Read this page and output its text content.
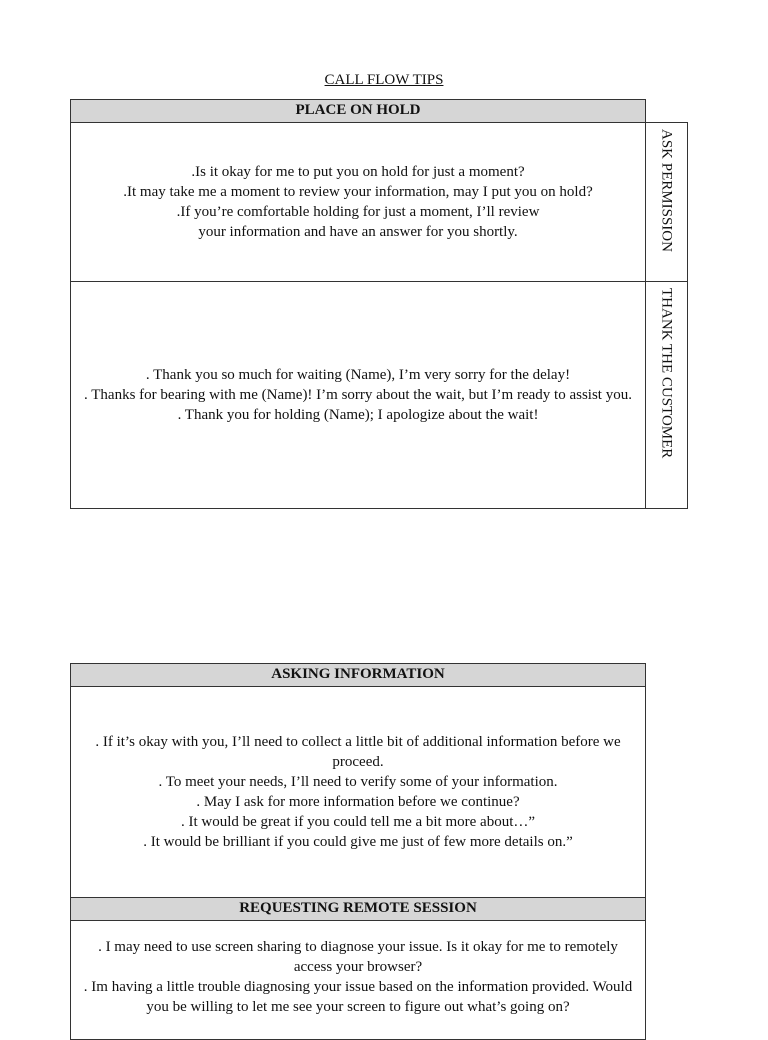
CALL FLOW TIPS
PLACE ON HOLD

.Is it okay for me to put you on hold for just a moment?

.It may take me a moment to review your information, may I put you on hold?

.If you’re comfortable holding for just a moment, I’ll review

your information and have an answer for you shortly.	ASK PERMISSION

. Thank you so much for waiting (Name), I’m very sorry for the delay!

. Thanks for bearing with me (Name)! I’m sorry about the wait, but I’m ready to assist you.

. Thank you for holding (Name); I apologize about the wait!	THANK THE CUSTOMER
ASKING INFORMATION

. If it’s okay with you, I’ll need to collect a little bit of additional information before we proceed.

. To meet your needs, I’ll need to verify some of your information.

. May I ask for more information before we continue?

. It would be great if you could tell me a bit more about…”

. It would be brilliant if you could give me just of few more details on.”

REQUESTING REMOTE SESSION

. I may need to use screen sharing to diagnose your issue. Is it okay for me to remotely access your browser?

. Im having a little trouble diagnosing your issue based on the information provided. Would you be willing to let me see your screen to figure out what’s going on?
